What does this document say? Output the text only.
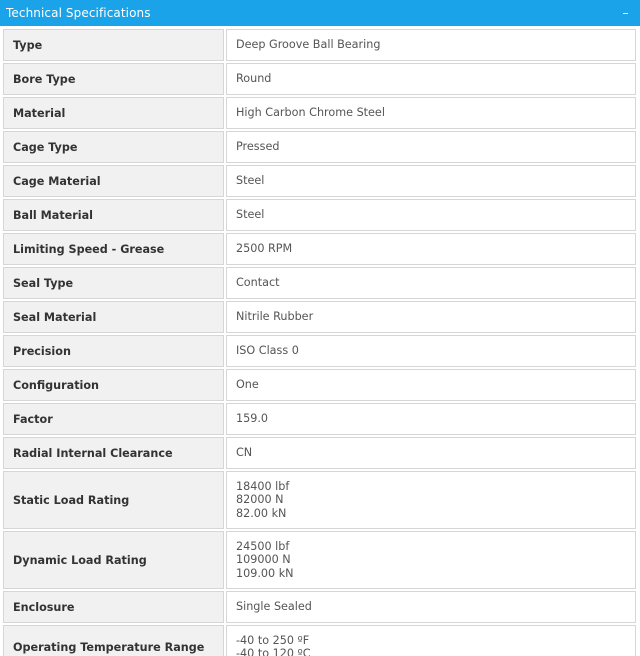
Technical Specifications
Type	Deep Groove Ball Bearing

Bore Type	Round

Material	High Carbon Chrome Steel

Cage Type	Pressed

Cage Material	Steel

Ball Material	Steel

Limiting Speed - Grease	2500 RPM

Seal Type	Contact

Seal Material	Nitrile Rubber

Precision	ISO Class 0

Configuration	One

Factor	159.0

Radial Internal Clearance	CN

Static Load Rating	18400 lbf
82000 N
82.00 kN

Dynamic Load Rating	24500 lbf
109000 N
109.00 kN

Enclosure	Single Sealed

Operating Temperature Range	-40 to 250 ºF
-40 to 120 ºC
